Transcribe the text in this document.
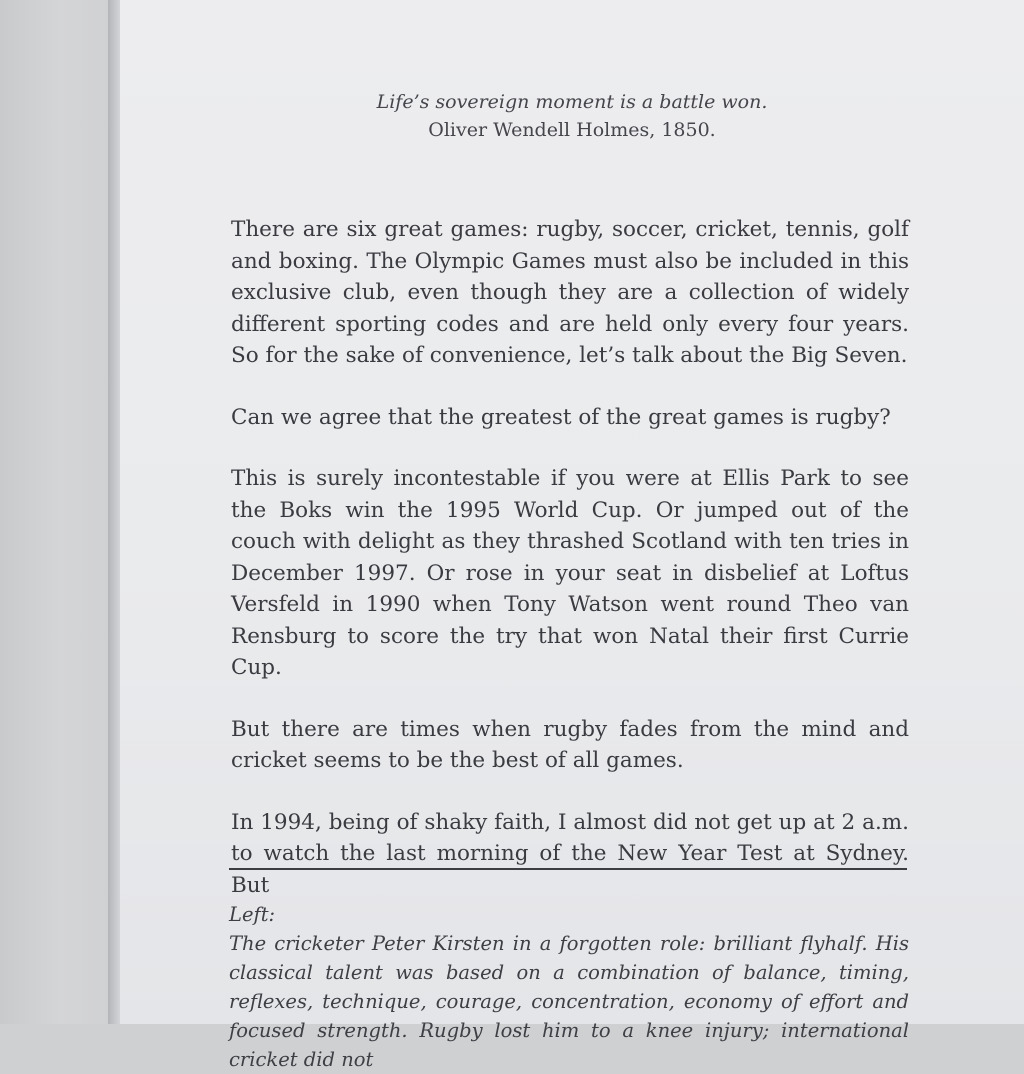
Life’s sovereign moment is a battle won.
Oliver Wendell Holmes, 1850.

There are six great games: rugby, soccer, cricket, tennis, golf and boxing. The Olympic Games must also be included in this exclusive club, even though they are a collection of widely different sporting codes and are held only every four years. So for the sake of convenience, let’s talk about the Big Seven.

Can we agree that the greatest of the great games is rugby?

This is surely incontestable if you were at Ellis Park to see the Boks win the 1995 World Cup. Or jumped out of the couch with delight as they thrashed Scotland with ten tries in December 1997. Or rose in your seat in disbelief at Loftus Versfeld in 1990 when Tony Watson went round Theo van Rensburg to score the try that won Natal their first Currie Cup.

But there are times when rugby fades from the mind and cricket seems to be the best of all games.

In 1994, being of shaky faith, I almost did not get up at 2 a.m. to watch the last morning of the New Year Test at Sydney. But

Left:

The cricketer Peter Kirsten in a forgotten role: brilliant flyhalf. His classical talent was based on a combination of balance, timing, reflexes, technique, courage, concentration, economy of effort and focused strength. Rugby lost him to a knee injury; international cricket did not
